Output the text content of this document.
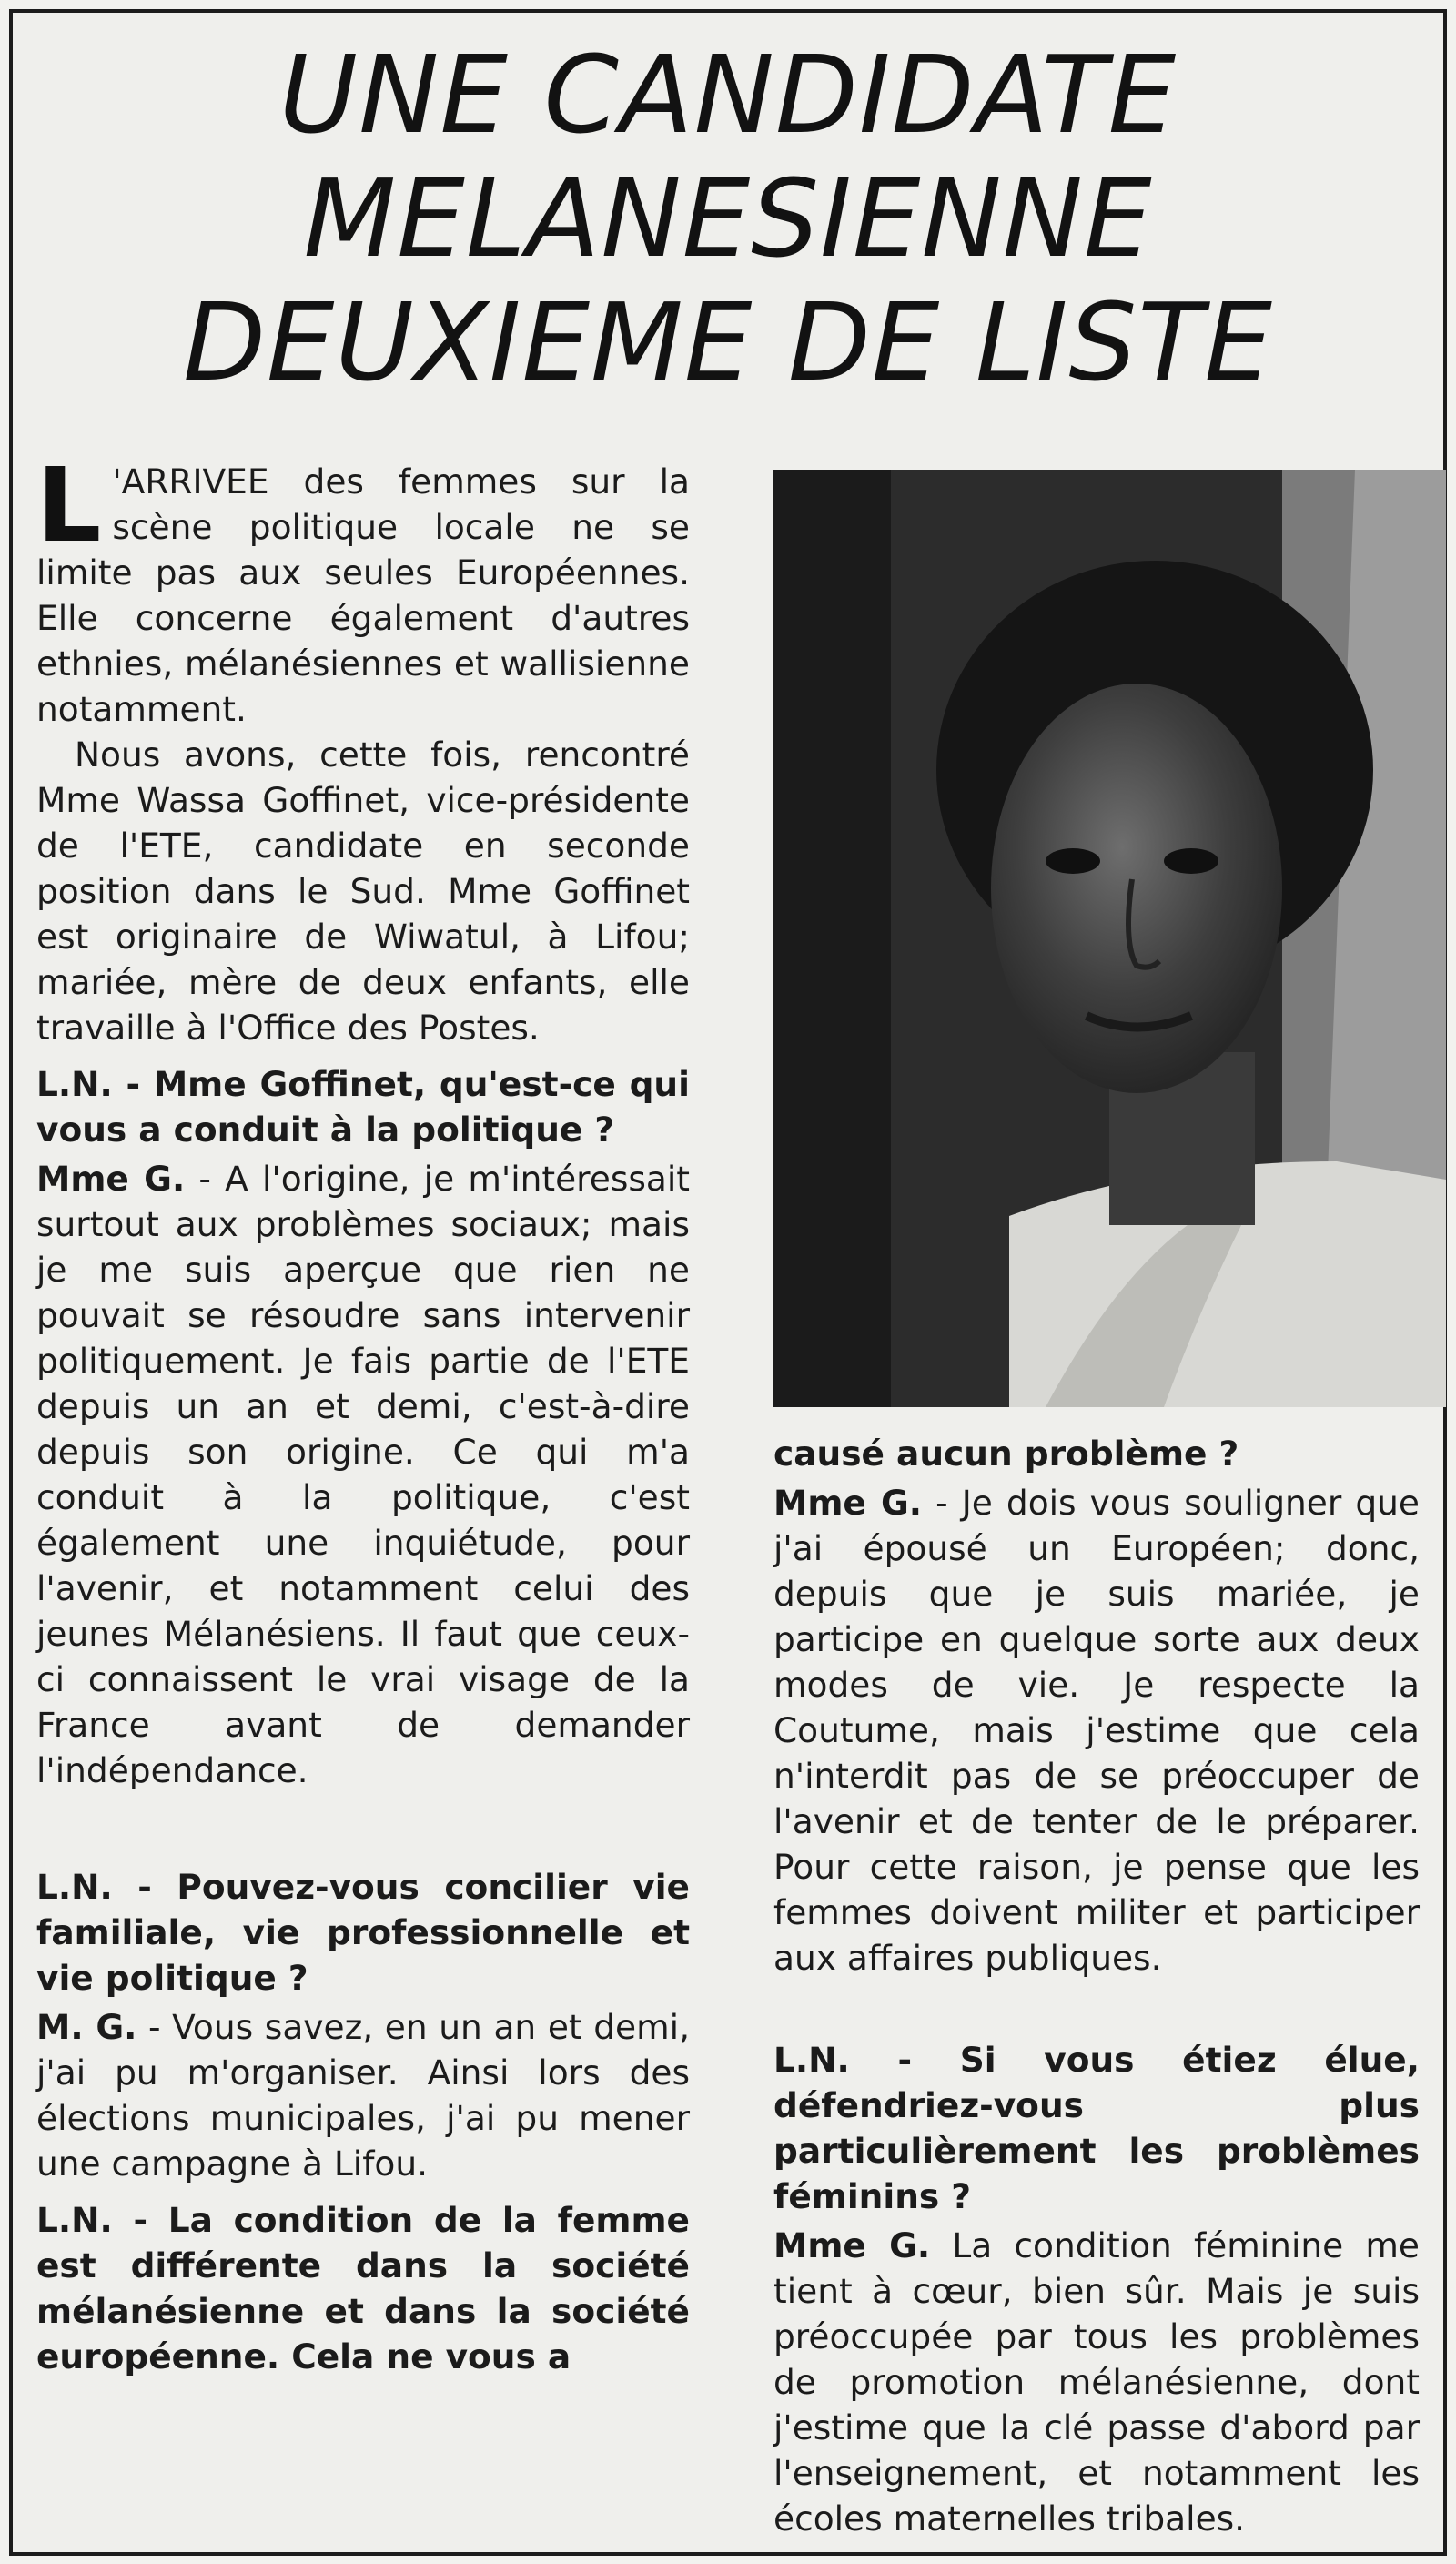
UNE CANDIDATE
MELANESIENNE
DEUXIEME DE LISTE

L 'ARRIVEE des femmes sur la scène politique locale ne se limite pas aux seules Européennes. Elle concerne également d'autres ethnies, mélanésiennes et wallisienne notamment.

Nous avons, cette fois, rencontré Mme Wassa Goffinet, vice-présidente de l'ETE, candidate en seconde position dans le Sud. Mme Goffinet est originaire de Wiwatul, à Lifou; mariée, mère de deux enfants, elle travaille à l'Office des Postes.

L.N. - Mme Goffinet, qu'est-ce qui vous a conduit à la politique ?

Mme G. - A l'origine, je m'intéressait surtout aux problèmes sociaux; mais je me suis aperçue que rien ne pouvait se résoudre sans intervenir politiquement. Je fais partie de l'ETE depuis un an et demi, c'est-à-dire depuis son origine. Ce qui m'a conduit à la politique, c'est également une inquiétude, pour l'avenir, et notamment celui des jeunes Mélanésiens. Il faut que ceux-ci connaissent le vrai visage de la France avant de demander l'indépendance.

L.N. - Pouvez-vous concilier vie familiale, vie professionnelle et vie politique ?

M. G. - Vous savez, en un an et demi, j'ai pu m'organiser. Ainsi lors des élections municipales, j'ai pu mener une campagne à Lifou.

L.N. - La condition de la femme est différente dans la société mélanésienne et dans la société européenne. Cela ne vous a

causé aucun problème ?

Mme G. - Je dois vous souligner que j'ai épousé un Européen; donc, depuis que je suis mariée, je participe en quelque sorte aux deux modes de vie. Je respecte la Coutume, mais j'estime que cela n'interdit pas de se préoccuper de l'avenir et de tenter de le préparer. Pour cette raison, je pense que les femmes doivent militer et participer aux affaires publiques.

L.N. - Si vous étiez élue, défendriez-vous plus particulièrement les problèmes féminins ?

Mme G. La condition féminine me tient à cœur, bien sûr. Mais je suis préoccupée par tous les problèmes de promotion mélanésienne, dont j'estime que la clé passe d'abord par l'enseignement, et notamment les écoles maternelles tribales.
